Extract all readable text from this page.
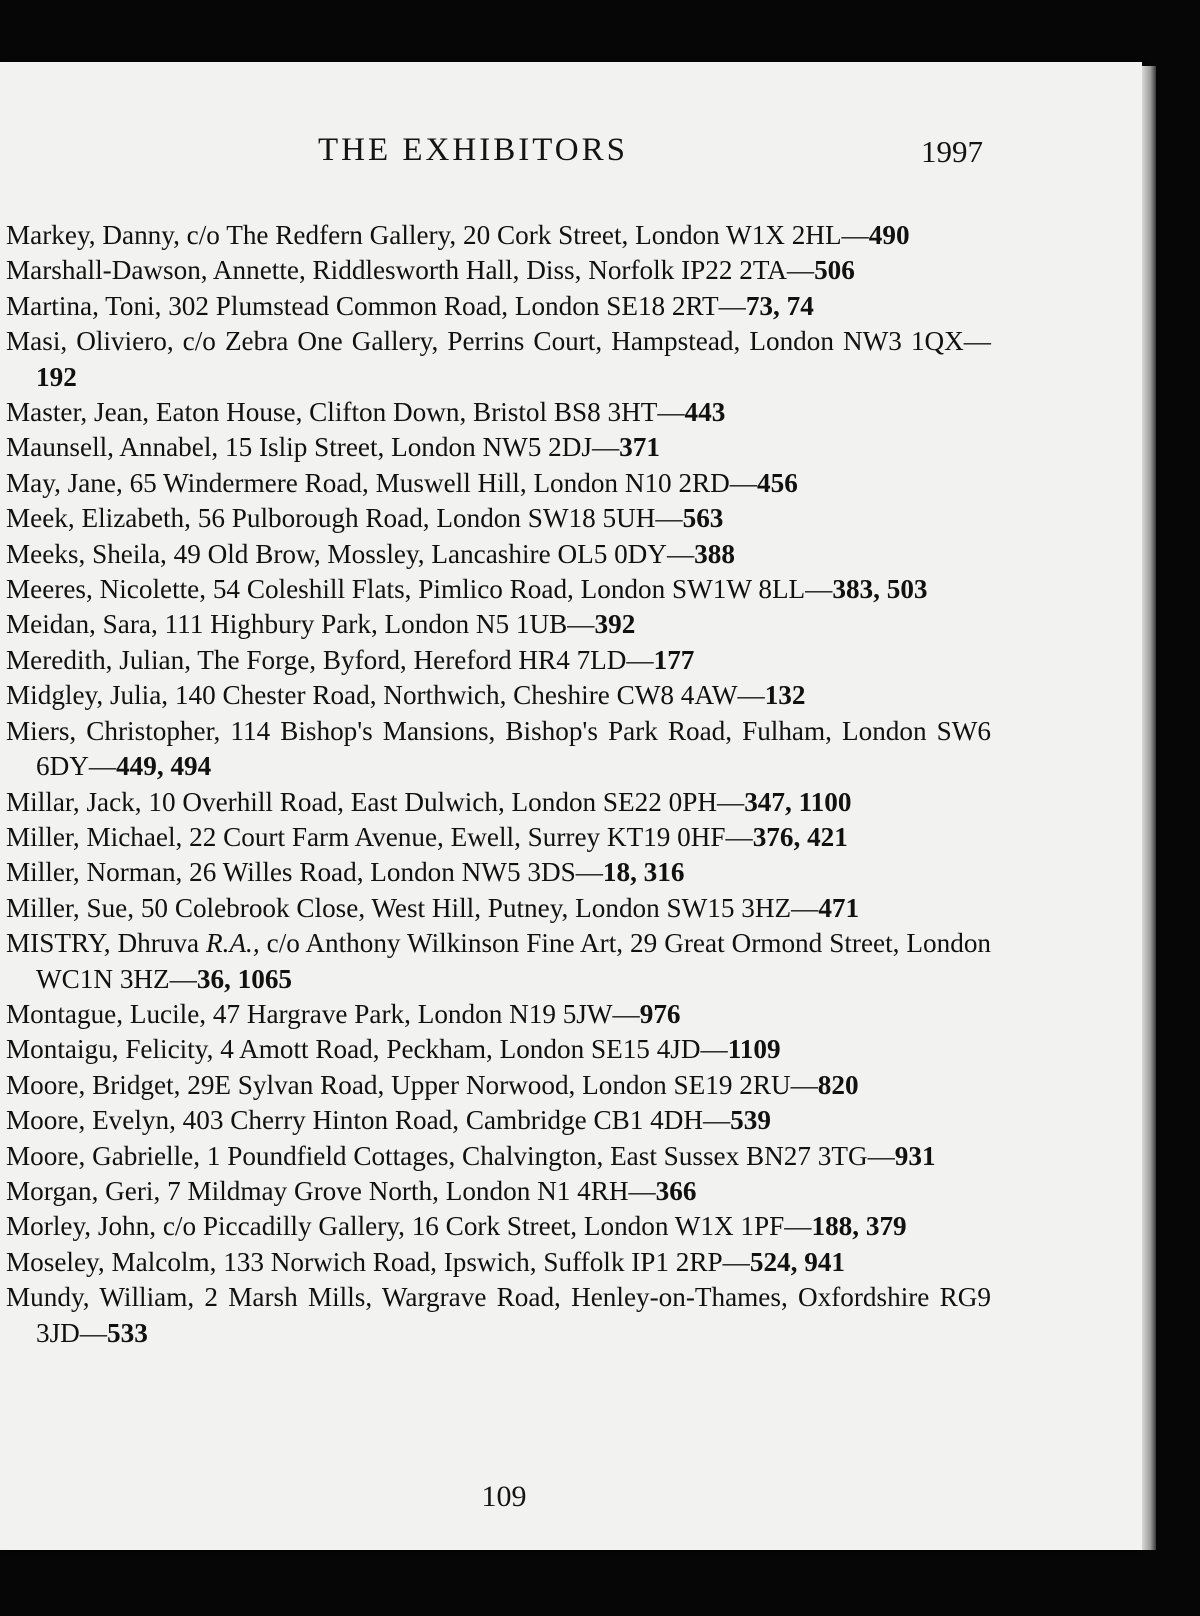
THE EXHIBITORS	1997

Markey, Danny, c/o The Redfern Gallery, 20 Cork Street, London W1X 2HL—490

Marshall-Dawson, Annette, Riddlesworth Hall, Diss, Norfolk IP22 2TA—506

Martina, Toni, 302 Plumstead Common Road, London SE18 2RT—73, 74

Masi, Oliviero, c/o Zebra One Gallery, Perrins Court, Hampstead, London NW3 1QX—192

Master, Jean, Eaton House, Clifton Down, Bristol BS8 3HT—443

Maunsell, Annabel, 15 Islip Street, London NW5 2DJ—371

May, Jane, 65 Windermere Road, Muswell Hill, London N10 2RD—456

Meek, Elizabeth, 56 Pulborough Road, London SW18 5UH—563

Meeks, Sheila, 49 Old Brow, Mossley, Lancashire OL5 0DY—388

Meeres, Nicolette, 54 Coleshill Flats, Pimlico Road, London SW1W 8LL—383, 503

Meidan, Sara, 111 Highbury Park, London N5 1UB—392

Meredith, Julian, The Forge, Byford, Hereford HR4 7LD—177

Midgley, Julia, 140 Chester Road, Northwich, Cheshire CW8 4AW—132

Miers, Christopher, 114 Bishop's Mansions, Bishop's Park Road, Fulham, London SW6 6DY—449, 494

Millar, Jack, 10 Overhill Road, East Dulwich, London SE22 0PH—347, 1100

Miller, Michael, 22 Court Farm Avenue, Ewell, Surrey KT19 0HF—376, 421

Miller, Norman, 26 Willes Road, London NW5 3DS—18, 316

Miller, Sue, 50 Colebrook Close, West Hill, Putney, London SW15 3HZ—471

MISTRY, Dhruva R.A., c/o Anthony Wilkinson Fine Art, 29 Great Ormond Street, London WC1N 3HZ—36, 1065

Montague, Lucile, 47 Hargrave Park, London N19 5JW—976

Montaigu, Felicity, 4 Amott Road, Peckham, London SE15 4JD—1109

Moore, Bridget, 29E Sylvan Road, Upper Norwood, London SE19 2RU—820

Moore, Evelyn, 403 Cherry Hinton Road, Cambridge CB1 4DH—539

Moore, Gabrielle, 1 Poundfield Cottages, Chalvington, East Sussex BN27 3TG—931

Morgan, Geri, 7 Mildmay Grove North, London N1 4RH—366

Morley, John, c/o Piccadilly Gallery, 16 Cork Street, London W1X 1PF—188, 379

Moseley, Malcolm, 133 Norwich Road, Ipswich, Suffolk IP1 2RP—524, 941

Mundy, William, 2 Marsh Mills, Wargrave Road, Henley-on-Thames, Oxfordshire RG9 3JD—533

109
